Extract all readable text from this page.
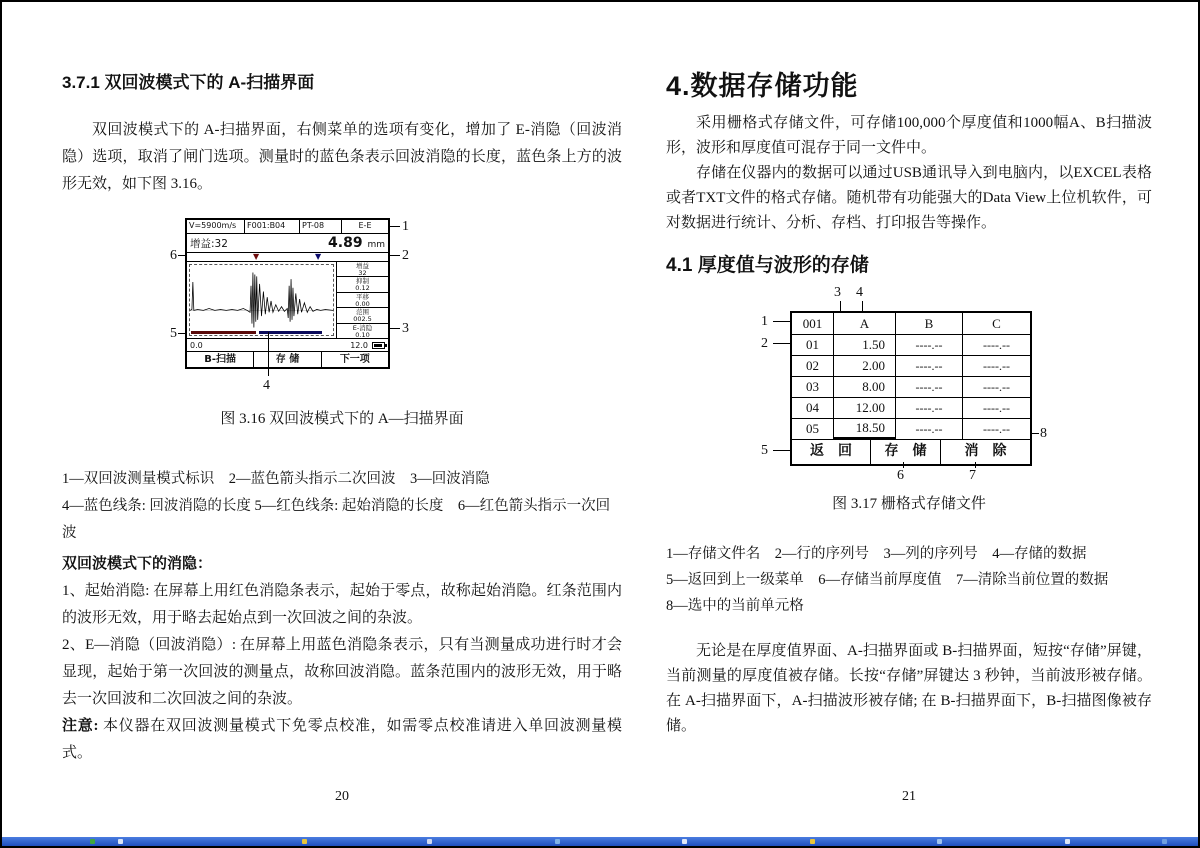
3.7.1 双回波模式下的 A-扫描界面

双回波模式下的 A-扫描界面，右侧菜单的选项有变化，增加了 E-消隐（回波消隐）选项，取消了闸门选项。测量时的蓝色条表示回波消隐的长度，蓝色条上方的波形无效，如下图 3.16。

V=5900m/s	F001:B04	PT-08	E-E
增益:32	4.89 mm
▼	▼
增益
32
抑制
0.12
平移
0.00
范围
002.5
E-消隐
0.10
0.0	12.0
B-扫描	存 储	下一项
1
2
3
4
5
6

图 3.16 双回波模式下的 A—扫描界面

1—双回波测量模式标识　2—蓝色箭头指示二次回波　3—回波消隐

4—蓝色线条: 回波消隐的长度 5—红色线条: 起始消隐的长度　6—红色箭头指示一次回波

双回波模式下的消隐：

1、起始消隐: 在屏幕上用红色消隐条表示，起始于零点，故称起始消隐。红条范围内的波形无效，用于略去起始点到一次回波之间的杂波。

2、E—消隐（回波消隐）: 在屏幕上用蓝色消隐条表示，只有当测量成功进行时才会显现，起始于第一次回波的测量点，故称回波消隐。蓝条范围内的波形无效，用于略去一次回波和二次回波之间的杂波。

注意: 本仪器在双回波测量模式下免零点校准，如需零点校准请进入单回波测量模式。

20
4.数据存储功能

采用栅格式存储文件，可存储100,000个厚度值和1000幅A、B扫描波形，波形和厚度值可混存于同一文件中。

存储在仪器内的数据可以通过USB通讯导入到电脑内，以EXCEL表格或者TXT文件的格式存储。随机带有功能强大的Data View上位机软件，可对数据进行统计、分析、存档、打印报告等操作。

4.1 厚度值与波形的存储
001	A	B	C
01	1.50	----.--	----.--
02	2.00	----.--	----.--
03	8.00	----.--	----.--
04	12.00	----.--	----.--
05	18.50	----.--	----.--
返　回	存　储	消　除
3 4
1
2
5
8
6	7

图 3.17 栅格式存储文件

1—存储文件名　2—行的序列号　3—列的序列号　4—存储的数据

5—返回到上一级菜单　6—存储当前厚度值　7—清除当前位置的数据

8—选中的当前单元格

无论是在厚度值界面、A-扫描界面或 B-扫描界面，短按“存储”屏键，当前测量的厚度值被存储。长按“存储”屏键达 3 秒钟，当前波形被存储。在 A-扫描界面下，A-扫描波形被存储; 在 B-扫描界面下，B-扫描图像被存储。

21
